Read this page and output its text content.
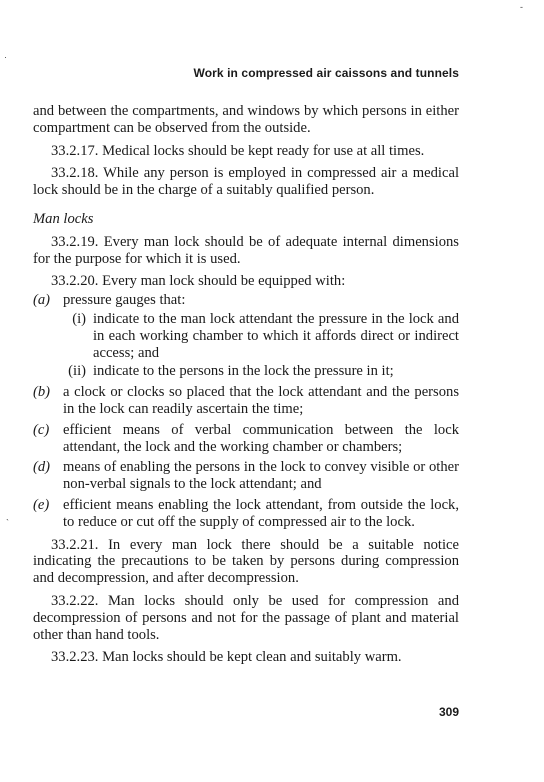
Work in compressed air caissons and tunnels

and between the compartments, and windows by which persons in either compartment can be observed from the outside.

33.2.17. Medical locks should be kept ready for use at all times.

33.2.18. While any person is employed in compressed air a medical lock should be in the charge of a suitably qualified person.

Man locks

33.2.19. Every man lock should be of adequate internal dimensions for the purpose for which it is used.

33.2.20. Every man lock should be equipped with:

(a) pressure gauges that:
(i) indicate to the man lock attendant the pressure in the lock and in each working chamber to which it affords direct or indirect access; and
(ii) indicate to the persons in the lock the pressure in it;
(b) a clock or clocks so placed that the lock attendant and the persons in the lock can readily ascertain the time;
(c) efficient means of verbal communication between the lock attendant, the lock and the working chamber or chambers;
(d) means of enabling the persons in the lock to convey visible or other non-verbal signals to the lock attendant; and
(e) efficient means enabling the lock attendant, from outside the lock, to reduce or cut off the supply of compressed air to the lock.

33.2.21. In every man lock there should be a suitable notice indicating the precautions to be taken by persons during compression and decompression, and after decompression.

33.2.22. Man locks should only be used for compression and decompression of persons and not for the passage of plant and material other than hand tools.

33.2.23. Man locks should be kept clean and suitably warm.

309
-
·
`
